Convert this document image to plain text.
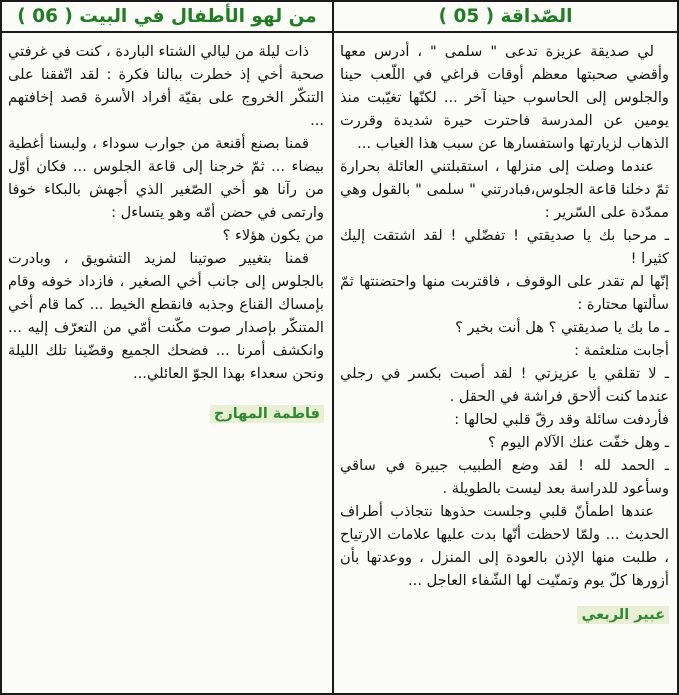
الصّداقة ( 05 )

لي صديقة عزيزة تدعى " سلمى " ، أدرس معها وأقضي صحبتها معظم أوقات فراغي في اللّعب حينا والجلوس إلى الحاسوب حينا آخر ... لكنّها تغيّبت منذ يومين عن المدرسة فاحترت حيرة شديدة وقررت الذهاب لزيارتها واستفسارها عن سبب هذا الغياب ...

عندما وصلت إلى منزلها ، استقبلتني العائلة بحرارة ثمّ دخلنا قاعة الجلوس،فبادرتني " سلمى " بالقول وهي ممدّدة على السّرير :

ـ مرحبا بك يا صديقتي ! تفضّلي ! لقد اشتقت إليك كثيرا !

إنّها لم تقدر على الوقوف ، فاقتربت منها واحتضنتها ثمّ سألتها محتارة :

ـ ما بك يا صديقتي ؟ هل أنت بخير ؟

أجابت متلعثمة :

ـ لا تقلقي يا عزيزتي ! لقد أصبت بكسر في رجلي عندما كنت ألاحق فراشة في الحقل .

فأردفت سائلة وقد رقّ قلبي لحالها :

ـ وهل خفّت عنك الآلام اليوم ؟

ـ الحمد لله ! لقد وضع الطبيب جبيرة في ساقي وسأعود للدراسة بعد ليست بالطويلة .

عندها اطمأنّ قلبي وجلست حذوها نتجاذب أطراف الحديث ... ولمّا لاحظت أنّها بدت عليها علامات الارتياح ، طلبت منها الإذن بالعودة إلى المنزل ، ووعدتها بأن أزورها كلّ يوم وتمنّيت لها الشّفاء العاجل ...

عبير الربعي
من لهو الأطفال في البيت ( 06 )

ذات ليلة من ليالي الشتاء الباردة ، كنت في غرفتي صحبة أخي إذ خطرت ببالنا فكرة : لقد اتّفقنا على التنكّر الخروج على بقيّة أفراد الأسرة قصد إخافتهم ...

قمنا بصنع أقنعة من جوارب سوداء ، ولبسنا أغطية بيضاء ... ثمّ خرجنا إلى قاعة الجلوس ... فكان أوّل من رآنا هو أخي الصّغير الذي أجهش بالبكاء خوفا وارتمى في حضن أمّه وهو يتساءل :

من يكون هؤلاء ؟

قمنا بتغيير صوتينا لمزيد التشويق ، وبادرت بالجلوس إلى جانب أخي الصغير ، فازداد خوفه وقام بإمساك القناع وجذبه فانقطع الخيط ... كما قام أخي المتنكّر بإصدار صوت مكّنت أمّي من التعرّف إليه ... وانكشف أمرنا ... فضحك الجميع وقضّينا تلك الليلة ونحن سعداء بهذا الجوّ العائلي...

فاطمة المهارج
